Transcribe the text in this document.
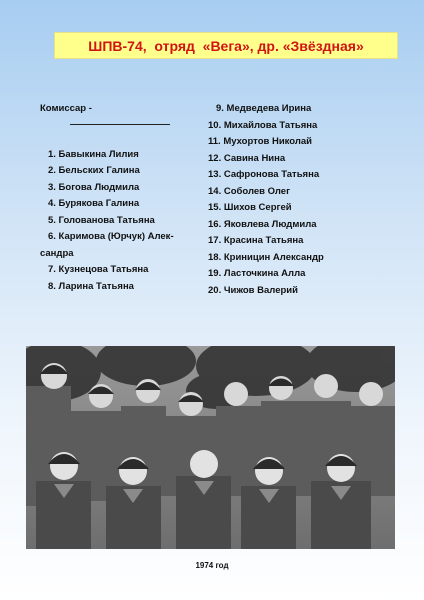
ШПВ-74,  отряд  «Вега», др. «Звёздная»
Комиссар -
1. Бавыкина Лилия
2. Бельских Галина
3. Богова Людмила
4. Бурякова Галина
5. Голованова Татьяна
6. Каримова (Юрчук) Алек-
сандра
7. Кузнецова Татьяна
8. Ларина Татьяна
9. Медведева Ирина
10. Михайлова Татьяна
11. Мухортов Николай
12. Савина Нина
13. Сафронова Татьяна
14. Соболев Олег
15. Шихов Сергей
16. Яковлева Людмила
17. Красина Татьяна
18. Криницин Александр
19. Ласточкина Алла
20. Чижов Валерий
1974 год
